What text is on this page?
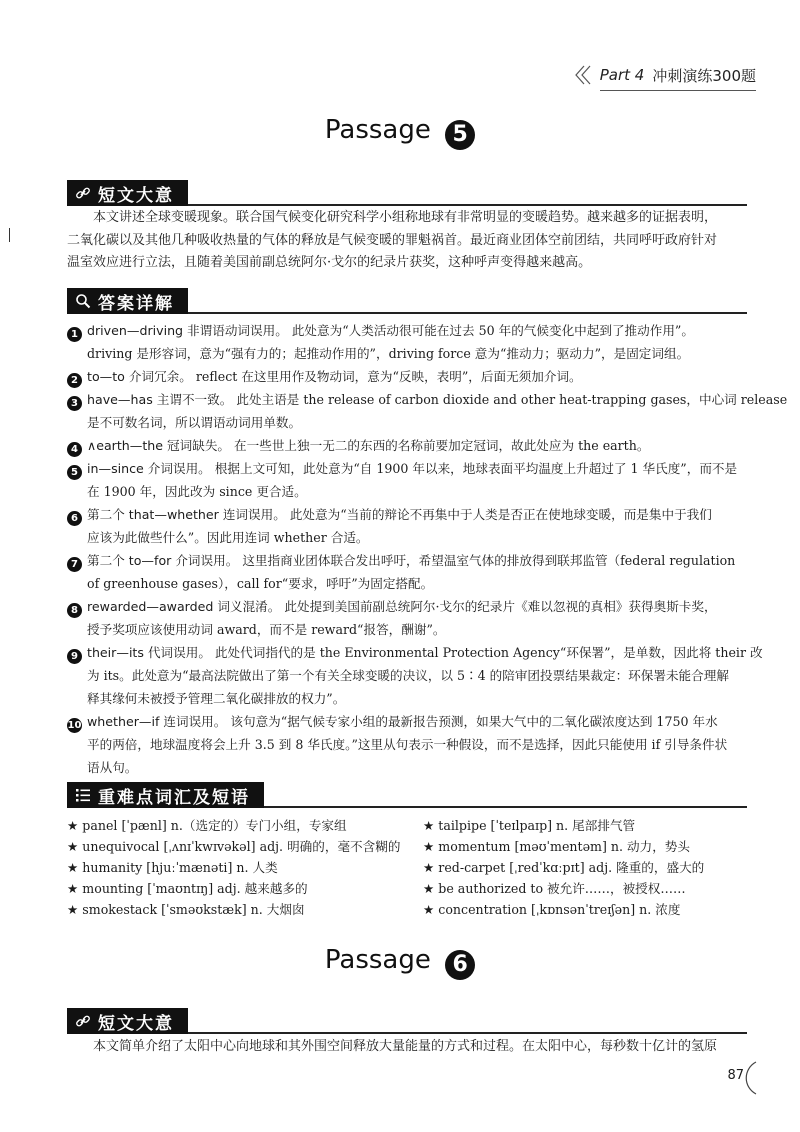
Part 4 冲刺演练300题
Passage 5
短文大意
本文讲述全球变暖现象。联合国气候变化研究科学小组称地球有非常明显的变暖趋势。越来越多的证据表明，
二氧化碳以及其他几种吸收热量的气体的释放是气候变暖的罪魁祸首。最近商业团体空前团结，共同呼吁政府针对
温室效应进行立法，且随着美国前副总统阿尔·戈尔的纪录片获奖，这种呼声变得越来越高。
答案详解
1 driven—driving 非谓语动词误用。 此处意为“人类活动很可能在过去 50 年的气候变化中起到了推动作用”。
driving 是形容词，意为“强有力的；起推动作用的”，driving force 意为“推动力；驱动力”，是固定词组。
2 to—to 介词冗余。 reflect 在这里用作及物动词，意为“反映，表明”，后面无须加介词。
3 have—has 主谓不一致。 此处主语是 the release of carbon dioxide and other heat-trapping gases，中心词 release
是不可数名词，所以谓语动词用单数。
4 ∧earth—the 冠词缺失。 在一些世上独一无二的东西的名称前要加定冠词，故此处应为 the earth。
5 in—since 介词误用。 根据上文可知，此处意为“自 1900 年以来，地球表面平均温度上升超过了 1 华氏度”，而不是
在 1900 年，因此改为 since 更合适。
6 第二个 that—whether 连词误用。 此处意为“当前的辩论不再集中于人类是否正在使地球变暖，而是集中于我们
应该为此做些什么”。因此用连词 whether 合适。
7 第二个 to—for 介词误用。 这里指商业团体联合发出呼吁，希望温室气体的排放得到联邦监管（federal regulation
of greenhouse gases），call for“要求，呼吁”为固定搭配。
8 rewarded—awarded 词义混淆。 此处提到美国前副总统阿尔·戈尔的纪录片《难以忽视的真相》获得奥斯卡奖，
授予奖项应该使用动词 award，而不是 reward“报答，酬谢”。
9 their—its 代词误用。 此处代词指代的是 the Environmental Protection Agency“环保署”，是单数，因此将 their 改
为 its。此处意为“最高法院做出了第一个有关全球变暖的决议，以 5∶4 的陪审团投票结果裁定：环保署未能合理解
释其缘何未被授予管理二氧化碳排放的权力”。
10 whether—if 连词误用。 该句意为“据气候专家小组的最新报告预测，如果大气中的二氧化碳浓度达到 1750 年水
平的两倍，地球温度将会上升 3.5 到 8 华氏度。”这里从句表示一种假设，而不是选择，因此只能使用 if 引导条件状
语从句。
重难点词汇及短语
★ panel [ˈpænl] n.（选定的）专门小组，专家组
★ unequivocal [ˌʌnɪˈkwɪvəkəl] adj. 明确的，毫不含糊的
★ humanity [hjuːˈmænəti] n. 人类
★ mounting [ˈmaʊntɪŋ] adj. 越来越多的
★ smokestack [ˈsməʊkstæk] n. 大烟囱
★ tailpipe [ˈteɪlpaɪp] n. 尾部排气管
★ momentum [məʊˈmentəm] n. 动力，势头
★ red-carpet [ˌredˈkɑːpɪt] adj. 隆重的，盛大的
★ be authorized to 被允许……，被授权……
★ concentration [ˌkɒnsənˈtreɪʃən] n. 浓度
Passage 6
短文大意
本文简单介绍了太阳中心向地球和其外围空间释放大量能量的方式和过程。在太阳中心，每秒数十亿计的氢原
87
